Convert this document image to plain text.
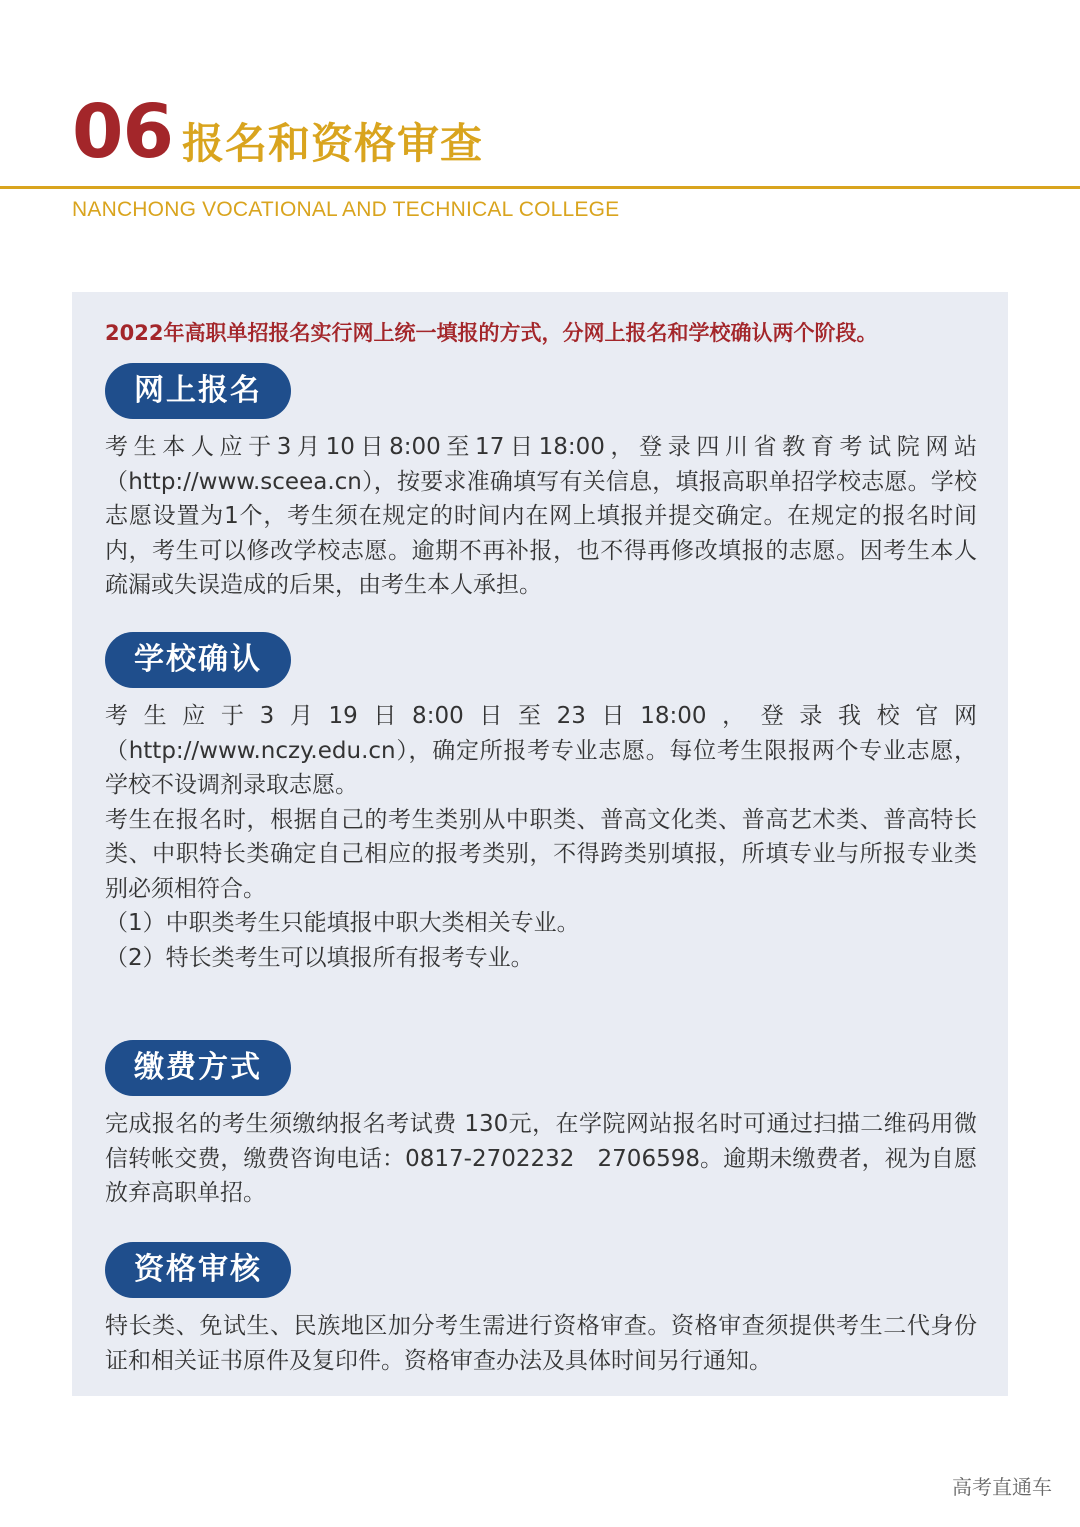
06 报名和资格审查
NANCHONG VOCATIONAL AND TECHNICAL COLLEGE
2022年高职单招报名实行网上统一填报的方式，分网上报名和学校确认两个阶段。
网上报名

考生本人应于3月10日8:00至17日18:00，登录四川省教育考试院网站（http://www.sceea.cn），按要求准确填写有关信息，填报高职单招学校志愿。学校志愿设置为1个，考生须在规定的时间内在网上填报并提交确定。在规定的报名时间内，考生可以修改学校志愿。逾期不再补报，也不得再修改填报的志愿。因考生本人疏漏或失误造成的后果，由考生本人承担。

学校确认

考生应于3月19日8:00日至23日18:00，登录我校官网（http://www.nczy.edu.cn），确定所报考专业志愿。每位考生限报两个专业志愿，学校不设调剂录取志愿。

考生在报名时，根据自己的考生类别从中职类、普高文化类、普高艺术类、普高特长类、中职特长类确定自己相应的报考类别，不得跨类别填报，所填专业与所报专业类别必须相符合。

（1）中职类考生只能填报中职大类相关专业。

（2）特长类考生可以填报所有报考专业。

缴费方式

完成报名的考生须缴纳报名考试费 130元，在学院网站报名时可通过扫描二维码用微信转帐交费，缴费咨询电话：0817-2702232　2706598。逾期未缴费者，视为自愿放弃高职单招。

资格审核

特长类、免试生、民族地区加分考生需进行资格审查。资格审查须提供考生二代身份证和相关证书原件及复印件。资格审查办法及具体时间另行通知。

高考直通车
